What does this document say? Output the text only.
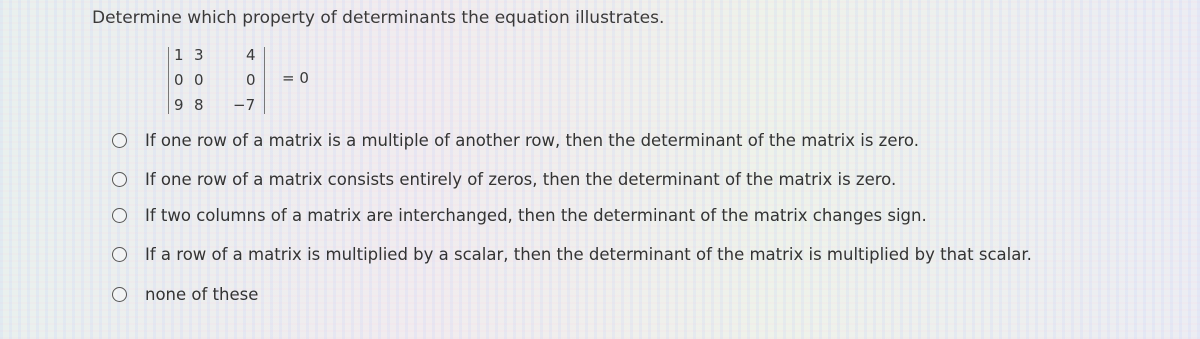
Determine which property of determinants the equation illustrates.
1 3	4
0 0	0
9 8 −7
= 0
If one row of a matrix is a multiple of another row, then the determinant of the matrix is zero.
If one row of a matrix consists entirely of zeros, then the determinant of the matrix is zero.
If two columns of a matrix are interchanged, then the determinant of the matrix changes sign.
If a row of a matrix is multiplied by a scalar, then the determinant of the matrix is multiplied by that scalar.
none of these
